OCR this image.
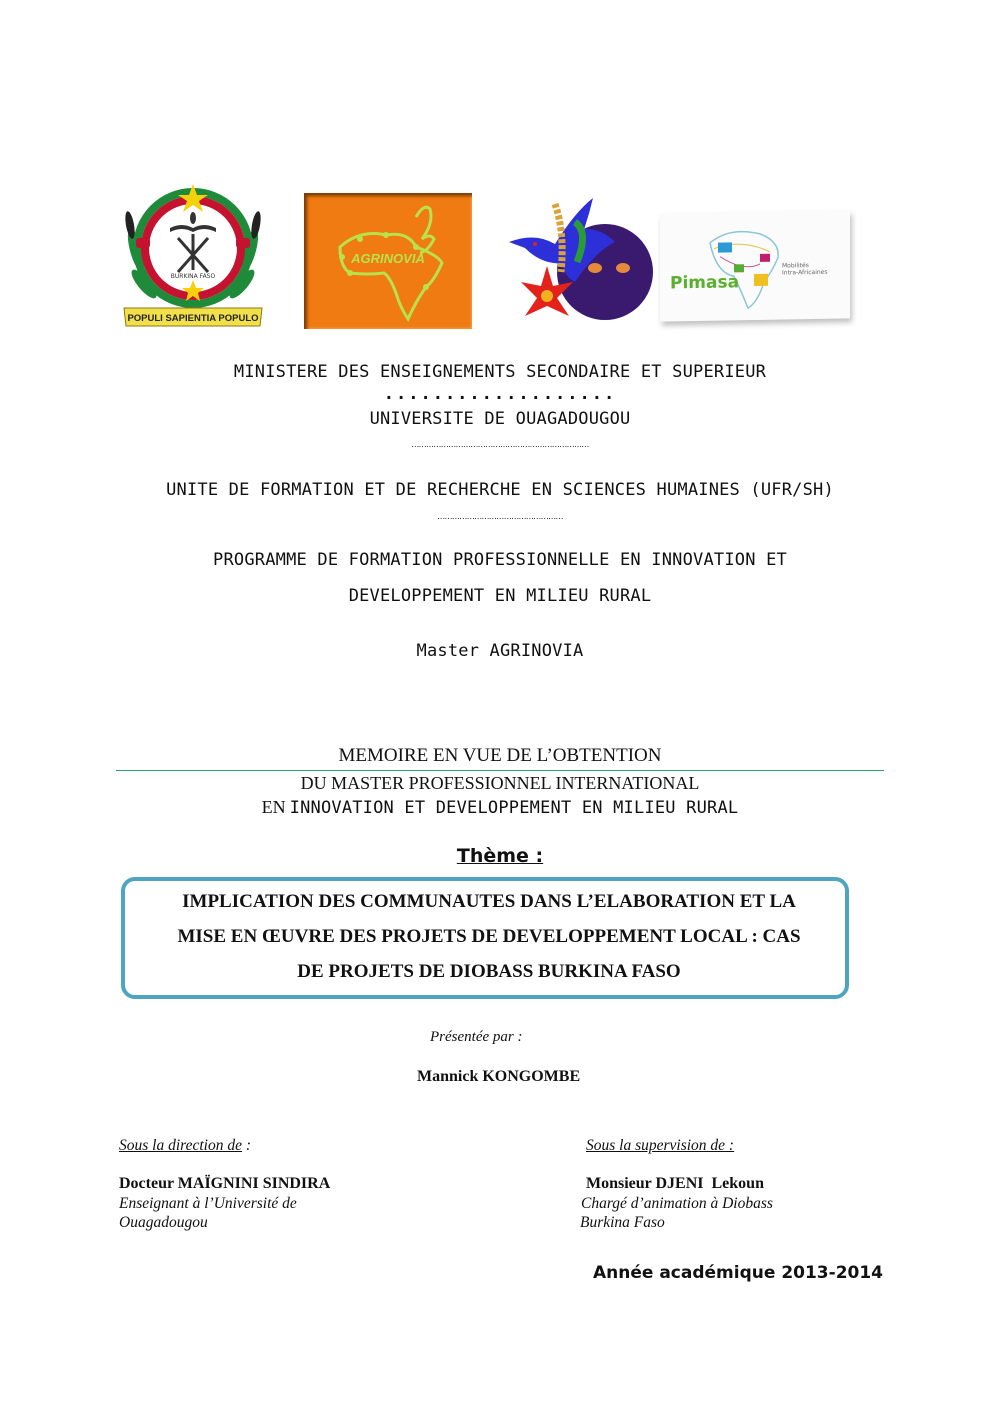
BURKINA FASO
POPULI SAPIENTIA POPULO
AGRINOVIA
Pimasa
Mobilités
Intra-Africaines
MINISTERE DES ENSEIGNEMENTS SECONDAIRE ET SUPERIEUR
...................
UNIVERSITE DE OUAGADOUGOU
………………………………………………………………
UNITE DE FORMATION ET DE RECHERCHE EN SCIENCES HUMAINES (UFR/SH)
……………………………………………
PROGRAMME DE FORMATION PROFESSIONNELLE EN INNOVATION ET
DEVELOPPEMENT EN MILIEU RURAL
Master AGRINOVIA
MEMOIRE EN VUE DE L’OBTENTION
DU MASTER PROFESSIONNEL INTERNATIONAL
EN INNOVATION ET DEVELOPPEMENT EN MILIEU RURAL
Thème :
IMPLICATION DES COMMUNAUTES DANS L’ELABORATION ET LA
MISE EN ŒUVRE DES PROJETS DE DEVELOPPEMENT LOCAL : CAS
DE PROJETS DE DIOBASS BURKINA FASO
Présentée par :
Mannick KONGOMBE
Sous la direction de :
Docteur MAÏGNINI SINDIRA
Enseignant à l’Université de
Ouagadougou
Sous la supervision de :
Monsieur DJENI  Lekoun
Chargé d’animation à Diobass
Burkina Faso
Année académique 2013-2014
